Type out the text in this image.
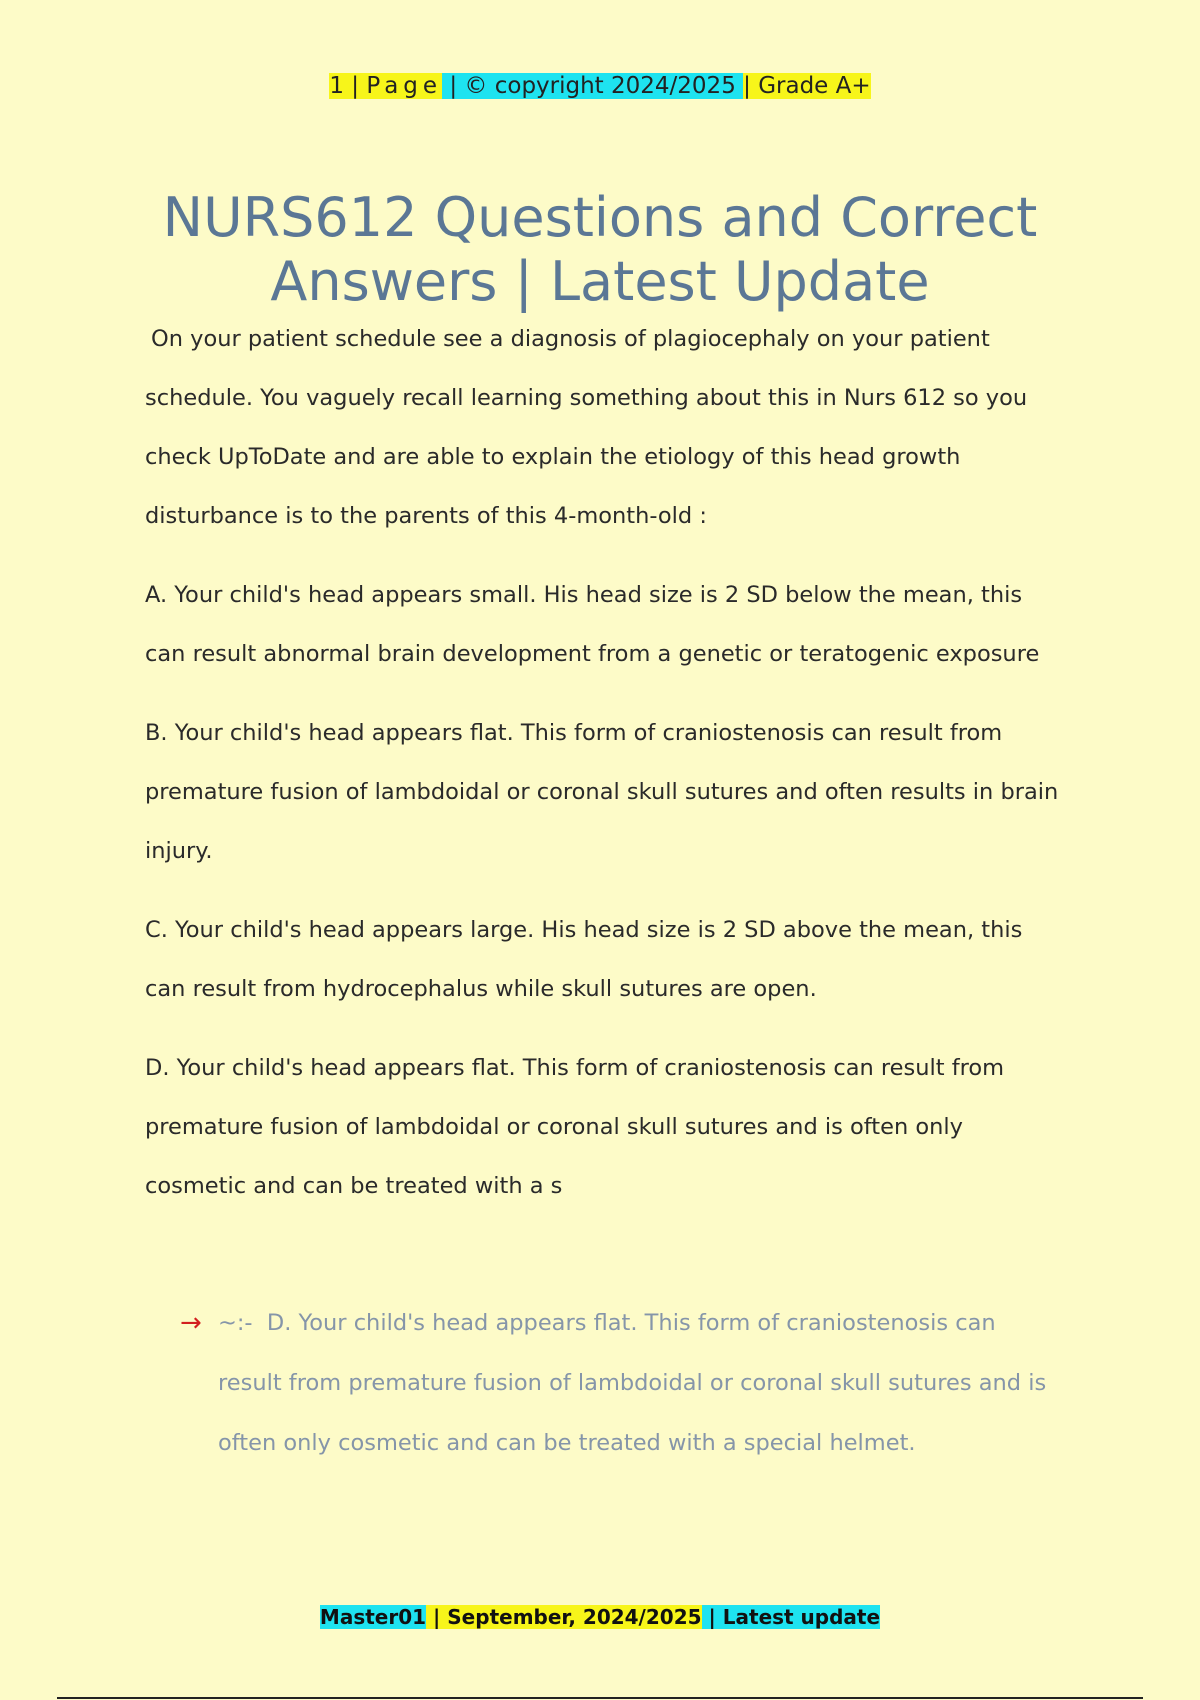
1 | Page | © copyright 2024/2025 | Grade A+
NURS612 Questions and Correct Answers | Latest Update

On your patient schedule see a diagnosis of plagiocephaly on your patient schedule. You vaguely recall learning something about this in Nurs 612 so you check UpToDate and are able to explain the etiology of this head growth disturbance is to the parents of this 4-month-old :

A. Your child's head appears small. His head size is 2 SD below the mean, this can result abnormal brain development from a genetic or teratogenic exposure

B. Your child's head appears flat. This form of craniostenosis can result from premature fusion of lambdoidal or coronal skull sutures and often results in brain injury.

C. Your child's head appears large. His head size is 2 SD above the mean, this can result from hydrocephalus while skull sutures are open.

D. Your child's head appears flat. This form of craniostenosis can result from premature fusion of lambdoidal or coronal skull sutures and is often only cosmetic and can be treated with a s

→ ~:- D. Your child's head appears flat. This form of craniostenosis can result from premature fusion of lambdoidal or coronal skull sutures and is often only cosmetic and can be treated with a special helmet.
Master01 | September, 2024/2025 | Latest update
